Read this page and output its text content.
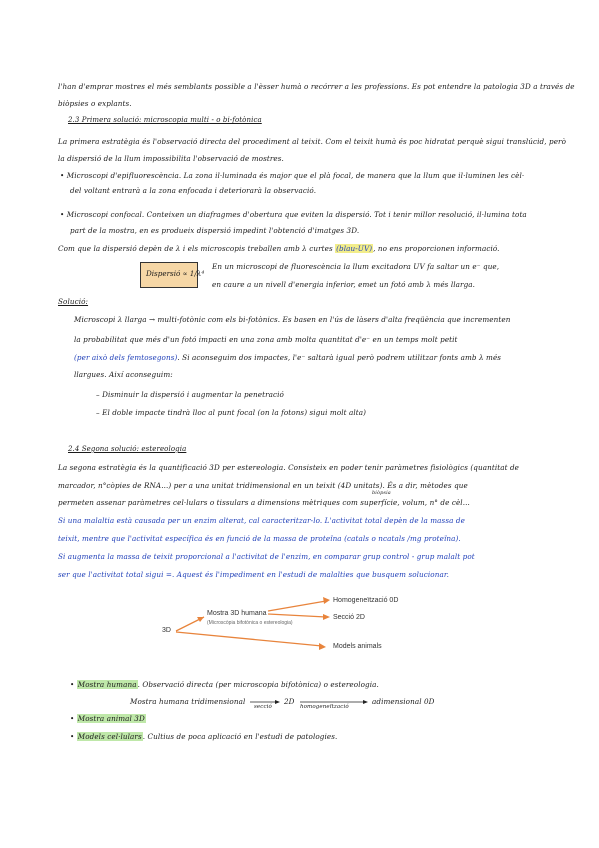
l'han d'emprar mostres el més semblants possible a l'èsser humà o recórrer a les professions. Es pot entendre la patologia 3D a través de
biòpsies o explants.
2.3 Primera solució: microscopia multi - o bi-fotònica
La primera estratègia és l'observació directa del procediment al teixit. Com el teixit humà és poc hidratat perquè sigui translúcid, però
la dispersió de la llum impossibilita l'observació de mostres.
• Microscopi d'epifluorescència. La zona il·luminada és major que el plà focal, de manera que la llum que il·luminen les cèl·
del voltant entrarà a la zona enfocada i deteriorarà la observació.
• Microscopi confocal. Conteixen un diafragmes d'obertura que eviten la dispersió. Tot i tenir millor resolució, il·lumina tota
part de la mostra, en es produeix dispersió impedint l'obtenció d'imatges 3D.
Com que la dispersió depèn de λ i els microscopis treballen amb λ curtes (blau-UV), no ens proporcionen informació.
Dispersió ∝ 1/λ⁴
En un microscopi de fluorescència la llum excitadora UV fa saltar un e⁻ que,
en caure a un nivell d'energia inferior, emet un fotó amb λ més llarga.
Solució:
Microscopi λ llarga → multi-fotònic com els bi-fotònics. Es basen en l'ús de làsers d'alta freqüència que incrementen
la probabilitat que més d'un fotó impacti en una zona amb molta quantitat d'e⁻ en un temps molt petit
(per això dels femtosegons). Si aconseguim dos impactes, l'e⁻ saltarà igual però podrem utilitzar fonts amb λ més
llargues. Així aconseguim:
– Disminuir la dispersió i augmentar la penetració
– El doble impacte tindrà lloc al punt focal (on la fotons) sigui molt alta)
2.4 Segona solució: estereologia
La segona estratègia és la quantificació 3D per estereologia. Consisteix en poder tenir paràmetres fisiològics (quantitat de
marcador, n°còpies de RNA...) per a una unitat tridimensional en un teixit (4D unitats). És a dir, mètodes que
biòpsia
permeten assenar paràmetres cel·lulars o tissulars a dimensions mètriques com superfície, volum, n° de cèl...
Si una malaltia està causada per un enzim alterat, cal caracteritzar-lo. L'activitat total depèn de la massa de
teixit, mentre que l'activitat específica és en funció de la massa de proteïna (catals o ncatals /mg proteïna).
Si augmenta la massa de teixit proporcional a l'activitat de l'enzim, en comparar grup control - grup malalt pot
ser que l'activitat total sigui =. Aquest és l'impediment en l'estudi de malalties que busquem solucionar.
3D
Mostra 3D humana
(Microscòpia bifotònica o estereologia)
Homogeneïtzació 0D
Secció 2D
Models animals
• Mostra humana. Observació directa (per microscopia bifotònica) o estereologia.
Mostra humana tridimensional
secció
2D
homogeneïtzació
adimensional 0D
• Mostra animal 3D
• Models cel·lulars. Cultius de poca aplicació en l'estudi de patologies.
